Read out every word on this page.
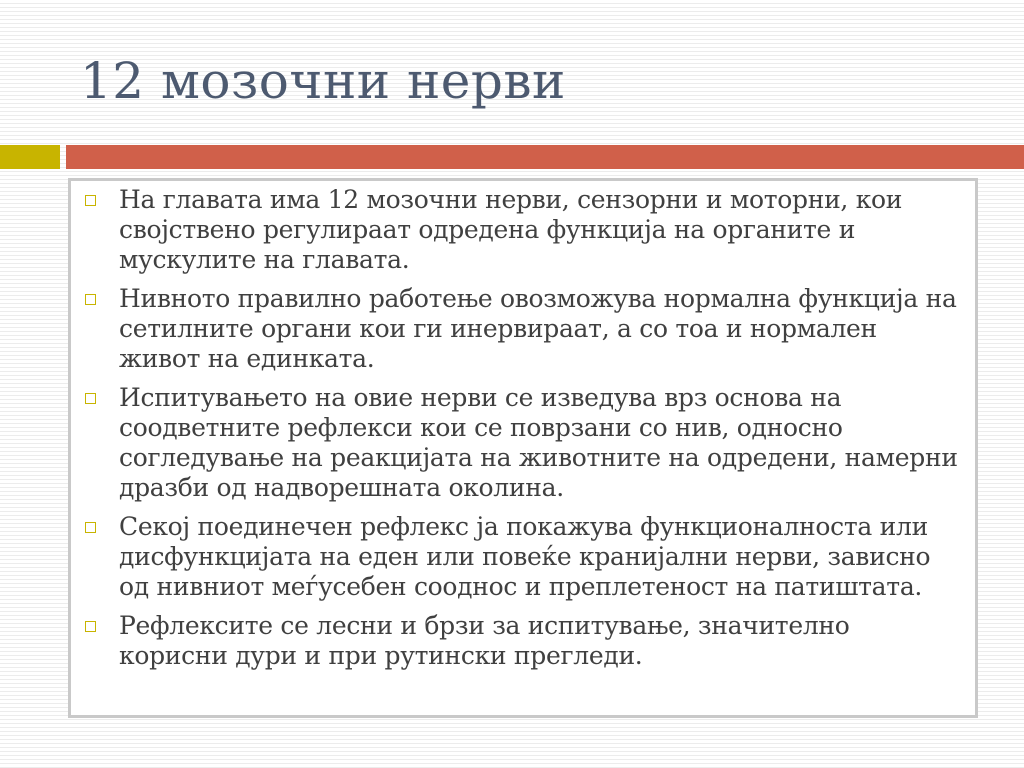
12 мозочни нерви
На главата има 12 мозочни нерви, сензорни и моторни, кои својствено регулираат одредена функција на органите и мускулите на главата.
Нивното правилно работење овозможува нормална функција на сетилните органи кои ги инервираат, а со тоа и нормален живот на единката.
Испитувањето на овие нерви се изведува врз основа на соодветните рефлекси кои се поврзани со нив, односно согледување на реакцијата на животните на одредени, намерни дразби од надворешната околина.
Секој поединечен рефлекс ја покажува функционалноста или дисфункцијата на еден или повеќе кранијални нерви, зависно од нивниот меѓусебен сооднос и преплетеност на патиштата.
Рефлексите се лесни и брзи за испитување, значително корисни дури и при рутински прегледи.
